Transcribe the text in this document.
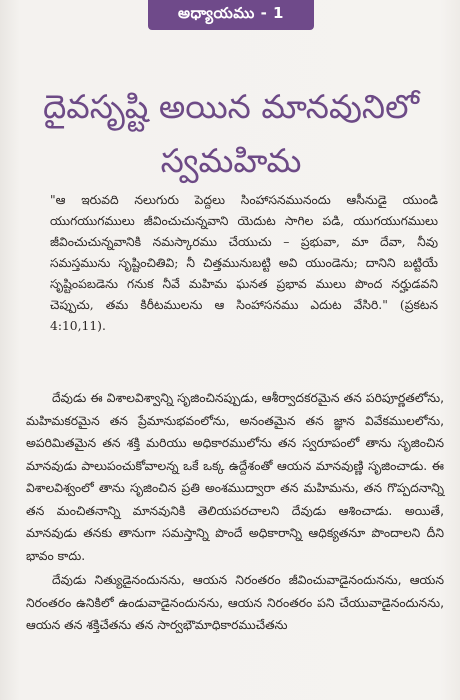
అధ్యాయము - 1
దైవసృష్టి అయిన మానవునిలో స్వమహిమ
"ఆ ఇరువది నలుగురు పెద్దలు సింహాసనమునందు ఆసీనుడై యుండి యుగయుగములు జీవించుచున్నవాని యెదుట సాగిల పడి, యుగయుగములు జీవించుచున్నవానికి నమస్కారము చేయుచు – ప్రభువా, మా దేవా, నీవు సమస్తమును సృష్టించితివి; నీ చిత్తమునుబట్టి అవి యుండెను; దానిని బట్టియే సృష్టింపబడెను గనుక నీవే మహిమ ఘనత ప్రభావ ములు పొంద నర్హుడవని చెప్పుచు, తమ కిరీటములను ఆ సింహాసనము ఎదుట వేసిరి." (ప్రకటన 4:10,11).

దేవుడు ఈ విశాలవిశ్వాన్ని సృజించినప్పుడు, ఆశీర్వాదకరమైన తన పరిపూర్ణతలోను, మహిమకరమైన తన ప్రేమానుభవంలోను, అనంతమైన తన జ్ఞాన వివేకములలోను, అపరిమితమైన తన శక్తి మరియు అధికారములోను తన స్వరూపంలో తాను సృజించిన మానవుడు పాలుపంచుకోవాలన్న ఒకే ఒక్క ఉద్దేశంతో ఆయన మానవుణ్ణి సృజించాడు. ఈ విశాలవిశ్వంలో తాను సృజించిన ప్రతి అంశముద్వారా తన మహిమను, తన గొప్పదనాన్ని తన మంచితనాన్ని మానవునికి తెలియపరచాలని దేవుడు ఆశించాడు. అయితే, మానవుడు తనకు తానుగా సమస్తాన్ని పొందే అధికారాన్ని ఆధిక్యతనూ పొందాలని దీని భావం కాదు.

దేవుడు నిత్యుడైనందునను, ఆయన నిరంతరం జీవించువాడైనందునను, ఆయన నిరంతరం ఉనికిలో ఉండువాడైనందునను, ఆయన నిరంతరం పని చేయువాడైనందునను, ఆయన తన శక్తిచేతను తన సార్వభౌమాధికారముచేతను
